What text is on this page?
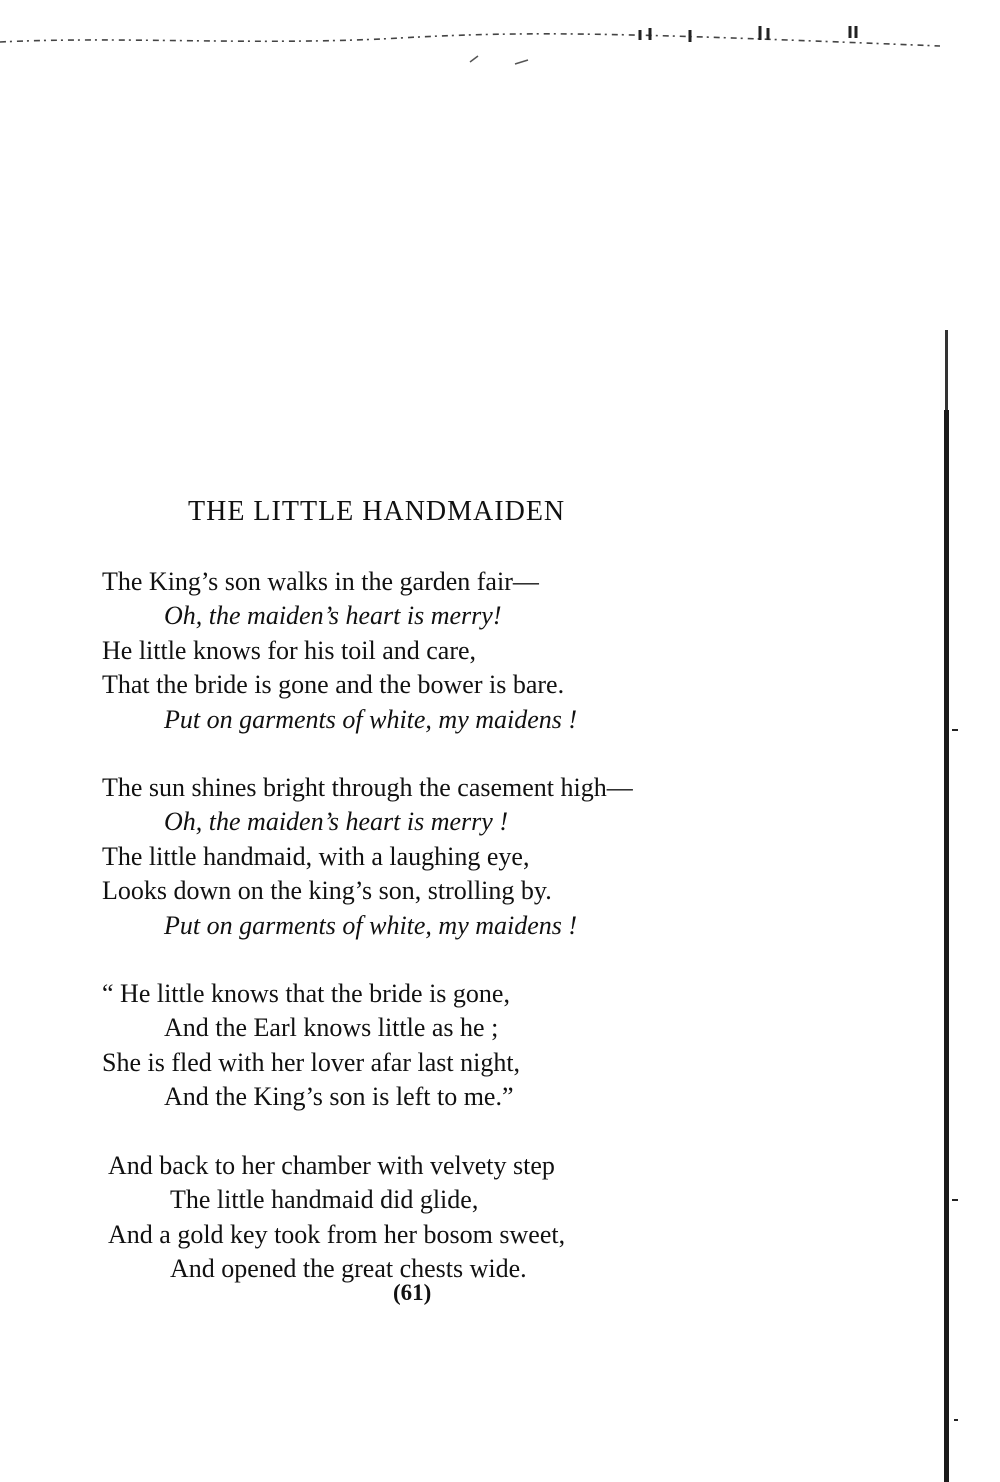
THE LITTLE HANDMAIDEN
The King’s son walks in the garden fair—
Oh, the maiden’s heart is merry!
He little knows for his toil and care,
That the bride is gone and the bower is bare.
Put on garments of white, my maidens !
The sun shines bright through the casement high—
Oh, the maiden’s heart is merry !
The little handmaid, with a laughing eye,
Looks down on the king’s son, strolling by.
Put on garments of white, my maidens !
“ He little knows that the bride is gone,
And the Earl knows little as he ;
She is fled with her lover afar last night,
And the King’s son is left to me.”
And back to her chamber with velvety step
The little handmaid did glide,
And a gold key took from her bosom sweet,
And opened the great chests wide.
(61)
